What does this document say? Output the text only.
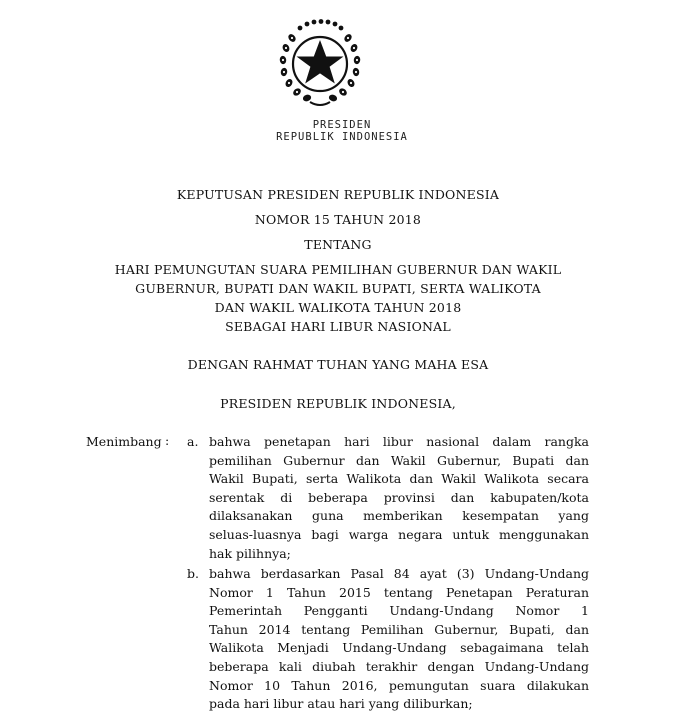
PRESIDEN
REPUBLIK INDONESIA
KEPUTUSAN PRESIDEN REPUBLIK INDONESIA
NOMOR 15 TAHUN 2018
TENTANG
HARI PEMUNGUTAN SUARA PEMILIHAN GUBERNUR DAN WAKIL
GUBERNUR, BUPATI DAN WAKIL BUPATI, SERTA WALIKOTA
DAN WAKIL WALIKOTA TAHUN 2018
SEBAGAI HARI LIBUR NASIONAL
DENGAN RAHMAT TUHAN YANG MAHA ESA
PRESIDEN REPUBLIK INDONESIA,
Menimbang : a. bahwa penetapan hari libur nasional dalam rangka
pemilihan Gubernur dan Wakil Gubernur, Bupati dan
Wakil Bupati, serta Walikota dan Wakil Walikota secara
serentak di beberapa provinsi dan kabupaten/kota
dilaksanakan guna memberikan kesempatan yang
seluas-luasnya bagi warga negara untuk menggunakan
hak pilihnya;
b. bahwa berdasarkan Pasal 84 ayat (3) Undang-Undang
Nomor 1 Tahun 2015 tentang Penetapan Peraturan
Pemerintah Pengganti Undang-Undang Nomor 1
Tahun 2014 tentang Pemilihan Gubernur, Bupati, dan
Walikota Menjadi Undang-Undang sebagaimana telah
beberapa kali diubah terakhir dengan Undang-Undang
Nomor 10 Tahun 2016, pemungutan suara dilakukan
pada hari libur atau hari yang diliburkan;
